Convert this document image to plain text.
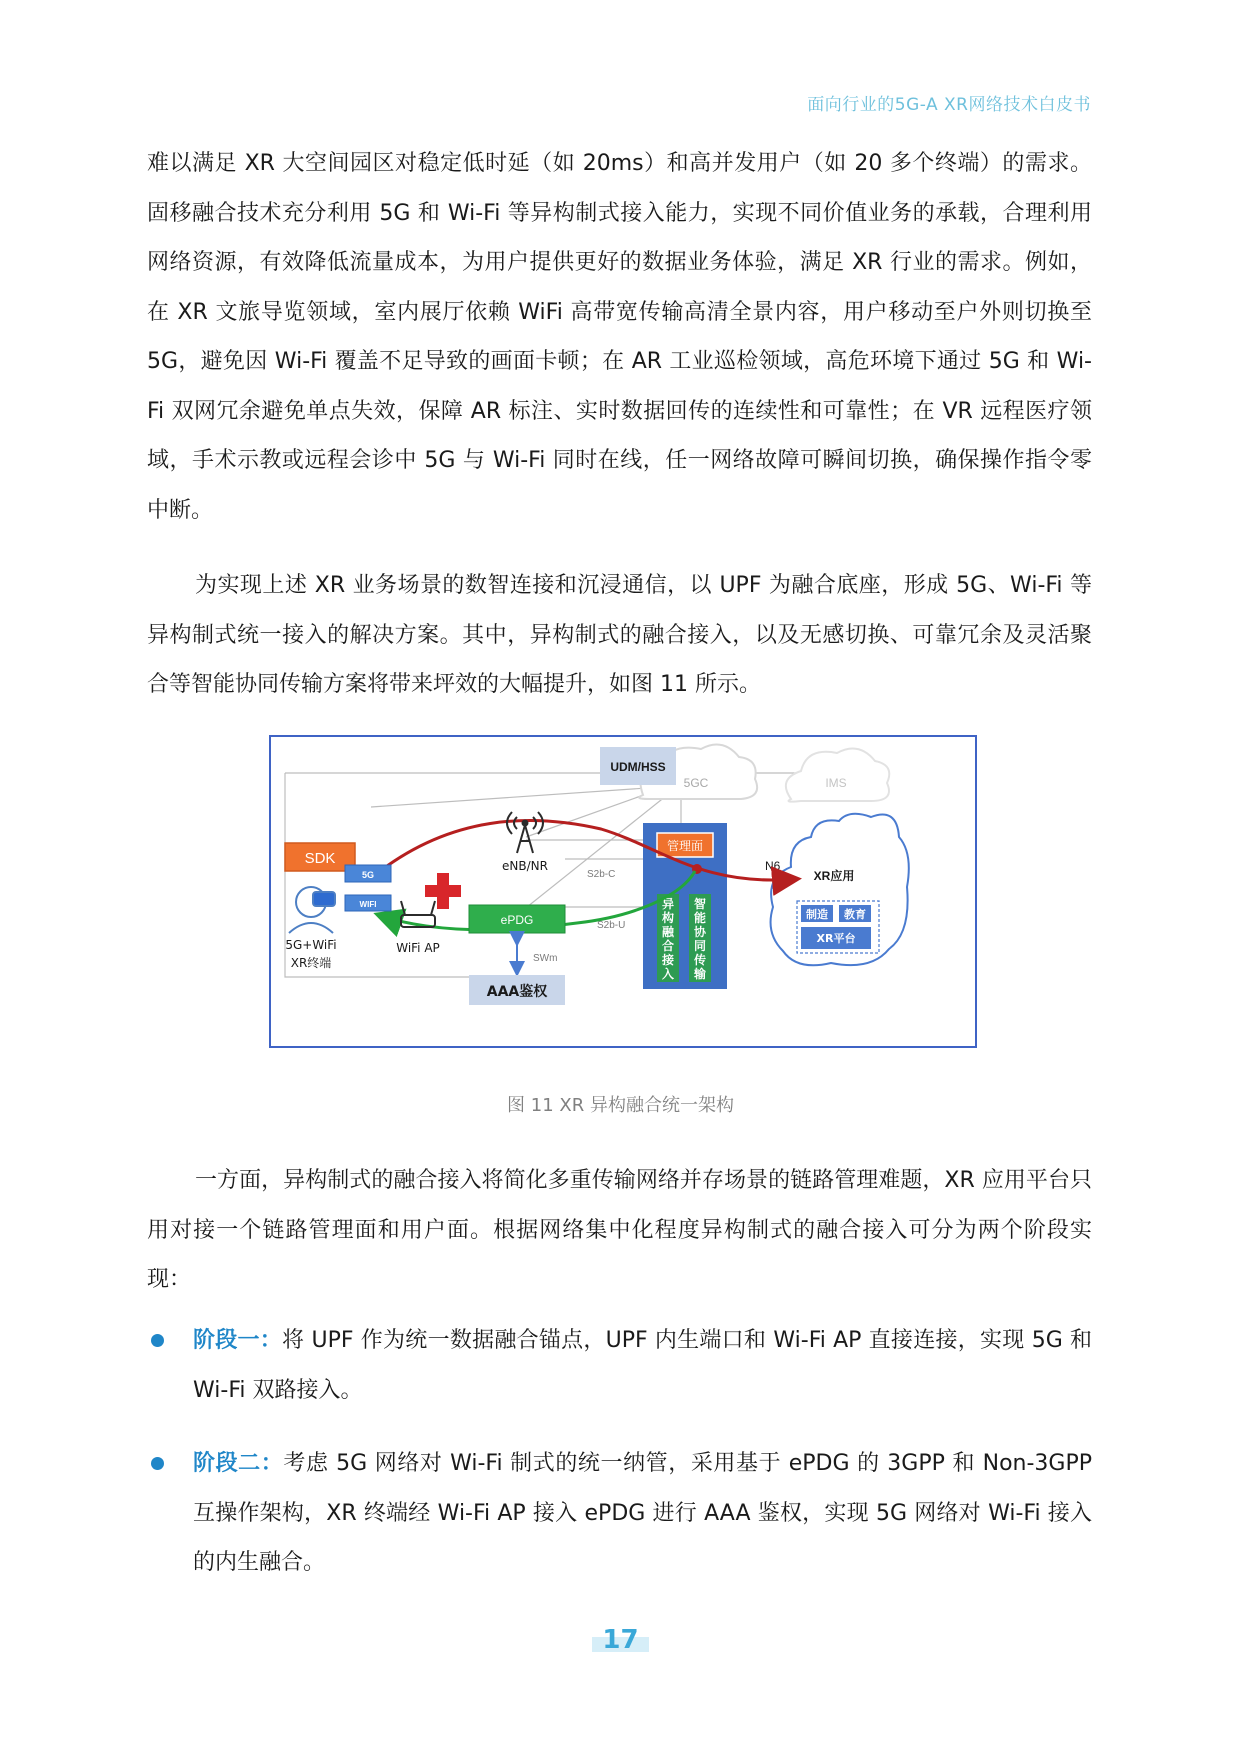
面向行业的5G-A XR网络技术白皮书

难以满足 XR 大空间园区对稳定低时延（如 20ms）和高并发用户（如 20 多个终端）的需求。固移融合技术充分利用 5G 和 Wi-Fi 等异构制式接入能力，实现不同价值业务的承载，合理利用网络资源，有效降低流量成本，为用户提供更好的数据业务体验，满足 XR 行业的需求。例如，在 XR 文旅导览领域，室内展厅依赖 WiFi 高带宽传输高清全景内容，用户移动至户外则切换至 5G，避免因 Wi-Fi 覆盖不足导致的画面卡顿；在 AR 工业巡检领域，高危环境下通过 5G 和 Wi-Fi 双网冗余避免单点失效，保障 AR 标注、实时数据回传的连续性和可靠性；在 VR 远程医疗领域，手术示教或远程会诊中 5G 与 Wi-Fi 同时在线，任一网络故障可瞬间切换，确保操作指令零中断。

为实现上述 XR 业务场景的数智连接和沉浸通信，以 UPF 为融合底座，形成 5G、Wi-Fi 等异构制式统一接入的解决方案。其中，异构制式的融合接入，以及无感切换、可靠冗余及灵活聚合等智能协同传输方案将带来坪效的大幅提升，如图 11 所示。

5GC	IMS
UDM/HSS
XR应用
制造 教育
XR平台
管理面
异
构
融
合
接
入
智
能
协
同
传
输
S2b-C
S2b-U
N6
SDK
5G
WIFI
5G+WiFi
XR终端
eNB/NR
WiFi AP
ePDG
SWm
AAA鉴权
图 11 XR 异构融合统一架构

一方面，异构制式的融合接入将简化多重传输网络并存场景的链路管理难题，XR 应用平台只用对接一个链路管理面和用户面。根据网络集中化程度异构制式的融合接入可分为两个阶段实现：

阶段一：将 UPF 作为统一数据融合锚点，UPF 内生端口和 Wi-Fi AP 直接连接，实现 5G 和 Wi-Fi 双路接入。
阶段二：考虑 5G 网络对 Wi-Fi 制式的统一纳管，采用基于 ePDG 的 3GPP 和 Non-3GPP 互操作架构，XR 终端经 Wi-Fi AP 接入 ePDG 进行 AAA 鉴权，实现 5G 网络对 Wi-Fi 接入的内生融合。
17
